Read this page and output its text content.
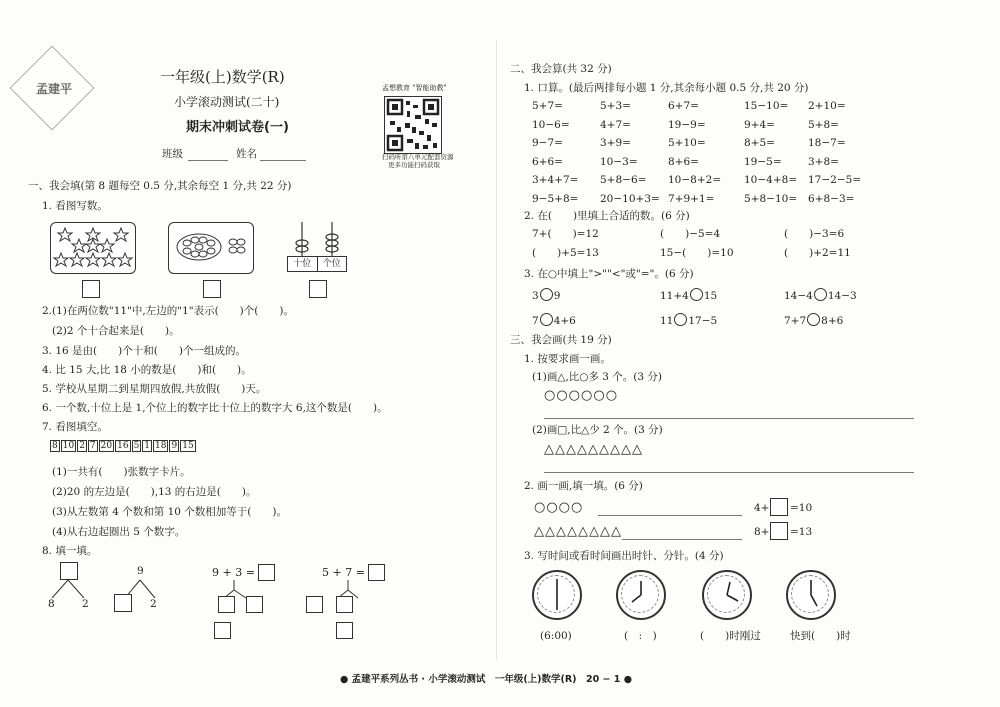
孟建平
一年级(上)数学(R)
小学滚动测试(二十)
期末冲刺试卷(一)
班级	姓名
孟想教育 "智能助教"
扫码听第八单元配套资源
更多功能扫码获取
一、我会填(第 8 题每空 0.5 分,其余每空 1 分,共 22 分)
1. 看图写数。
十位	个位
2.(1)在两位数"11"中,左边的"1"表示(　　)个(　　)。
(2)2 个十合起来是(　　)。
3. 16 是由(　　)个十和(　　)个一组成的。
4. 比 15 大,比 18 小的数是(　　)和(　　)。
5. 学校从星期二到星期四放假,共放假(　　)天。
6. 一个数,十位上是 1,个位上的数字比十位上的数字大 6,这个数是(　　)。
7. 看图填空。
8 10 2 7 20 16 5 1 18 9 15
(1)一共有(　　)张数字卡片。
(2)20 的左边是(　　),13 的右边是(　　)。
(3)从左数第 4 个数和第 10 个数相加等于(　　)。
(4)从右边起圈出 5 个数字。
8. 填一填。
8	2
9
2
9 + 3 =	5 + 7 =
二、我会算(共 32 分)
1. 口算。(最后两排每小题 1 分,其余每小题 0.5 分,共 20 分)
5+7=	5+3=	6+7=	15−10= 2+10=
10−6=	4+7=	19−9=	9+4=	5+8=
9−7=	3+9=	5+10=	8+5=	18−7=
6+6=	10−3=	8+6=	19−5=	3+8=
3+4+7= 5+8−6= 10−8+2= 10−4+8= 17−2−5=
9−5+8= 20−10+3= 7+9+1=	5+8−10= 6+8−3=
2. 在(　　)里填上合适的数。(6 分)
7+(　　)=12	(　　)−5=4	(　　)−3=6
(　　)+5=13	15−(　　)=10	(　　)+2=11
3. 在○中填上">""<"或"="。(6 分)
3 9	11+4 15	14−4 14−3
7 4+6	11 17−5	7+7 8+6
三、我会画(共 19 分)
1. 按要求画一画。
(1)画△,比○多 3 个。(3 分)
○○○○○○
(2)画□,比△少 2 个。(3 分)
△△△△△△△△△
2. 画一画,填一填。(6 分)
○○○○	4+ =10
△△△△△△△△	8+ =13
3. 写时间或看时间画出时针、分针。(4 分)
(6:00)	(　:　)	(　　)时刚过	快到(　　)时
● 孟建平系列丛书 · 小学滚动测试　一年级(上)数学(R)　20 − 1 ●
